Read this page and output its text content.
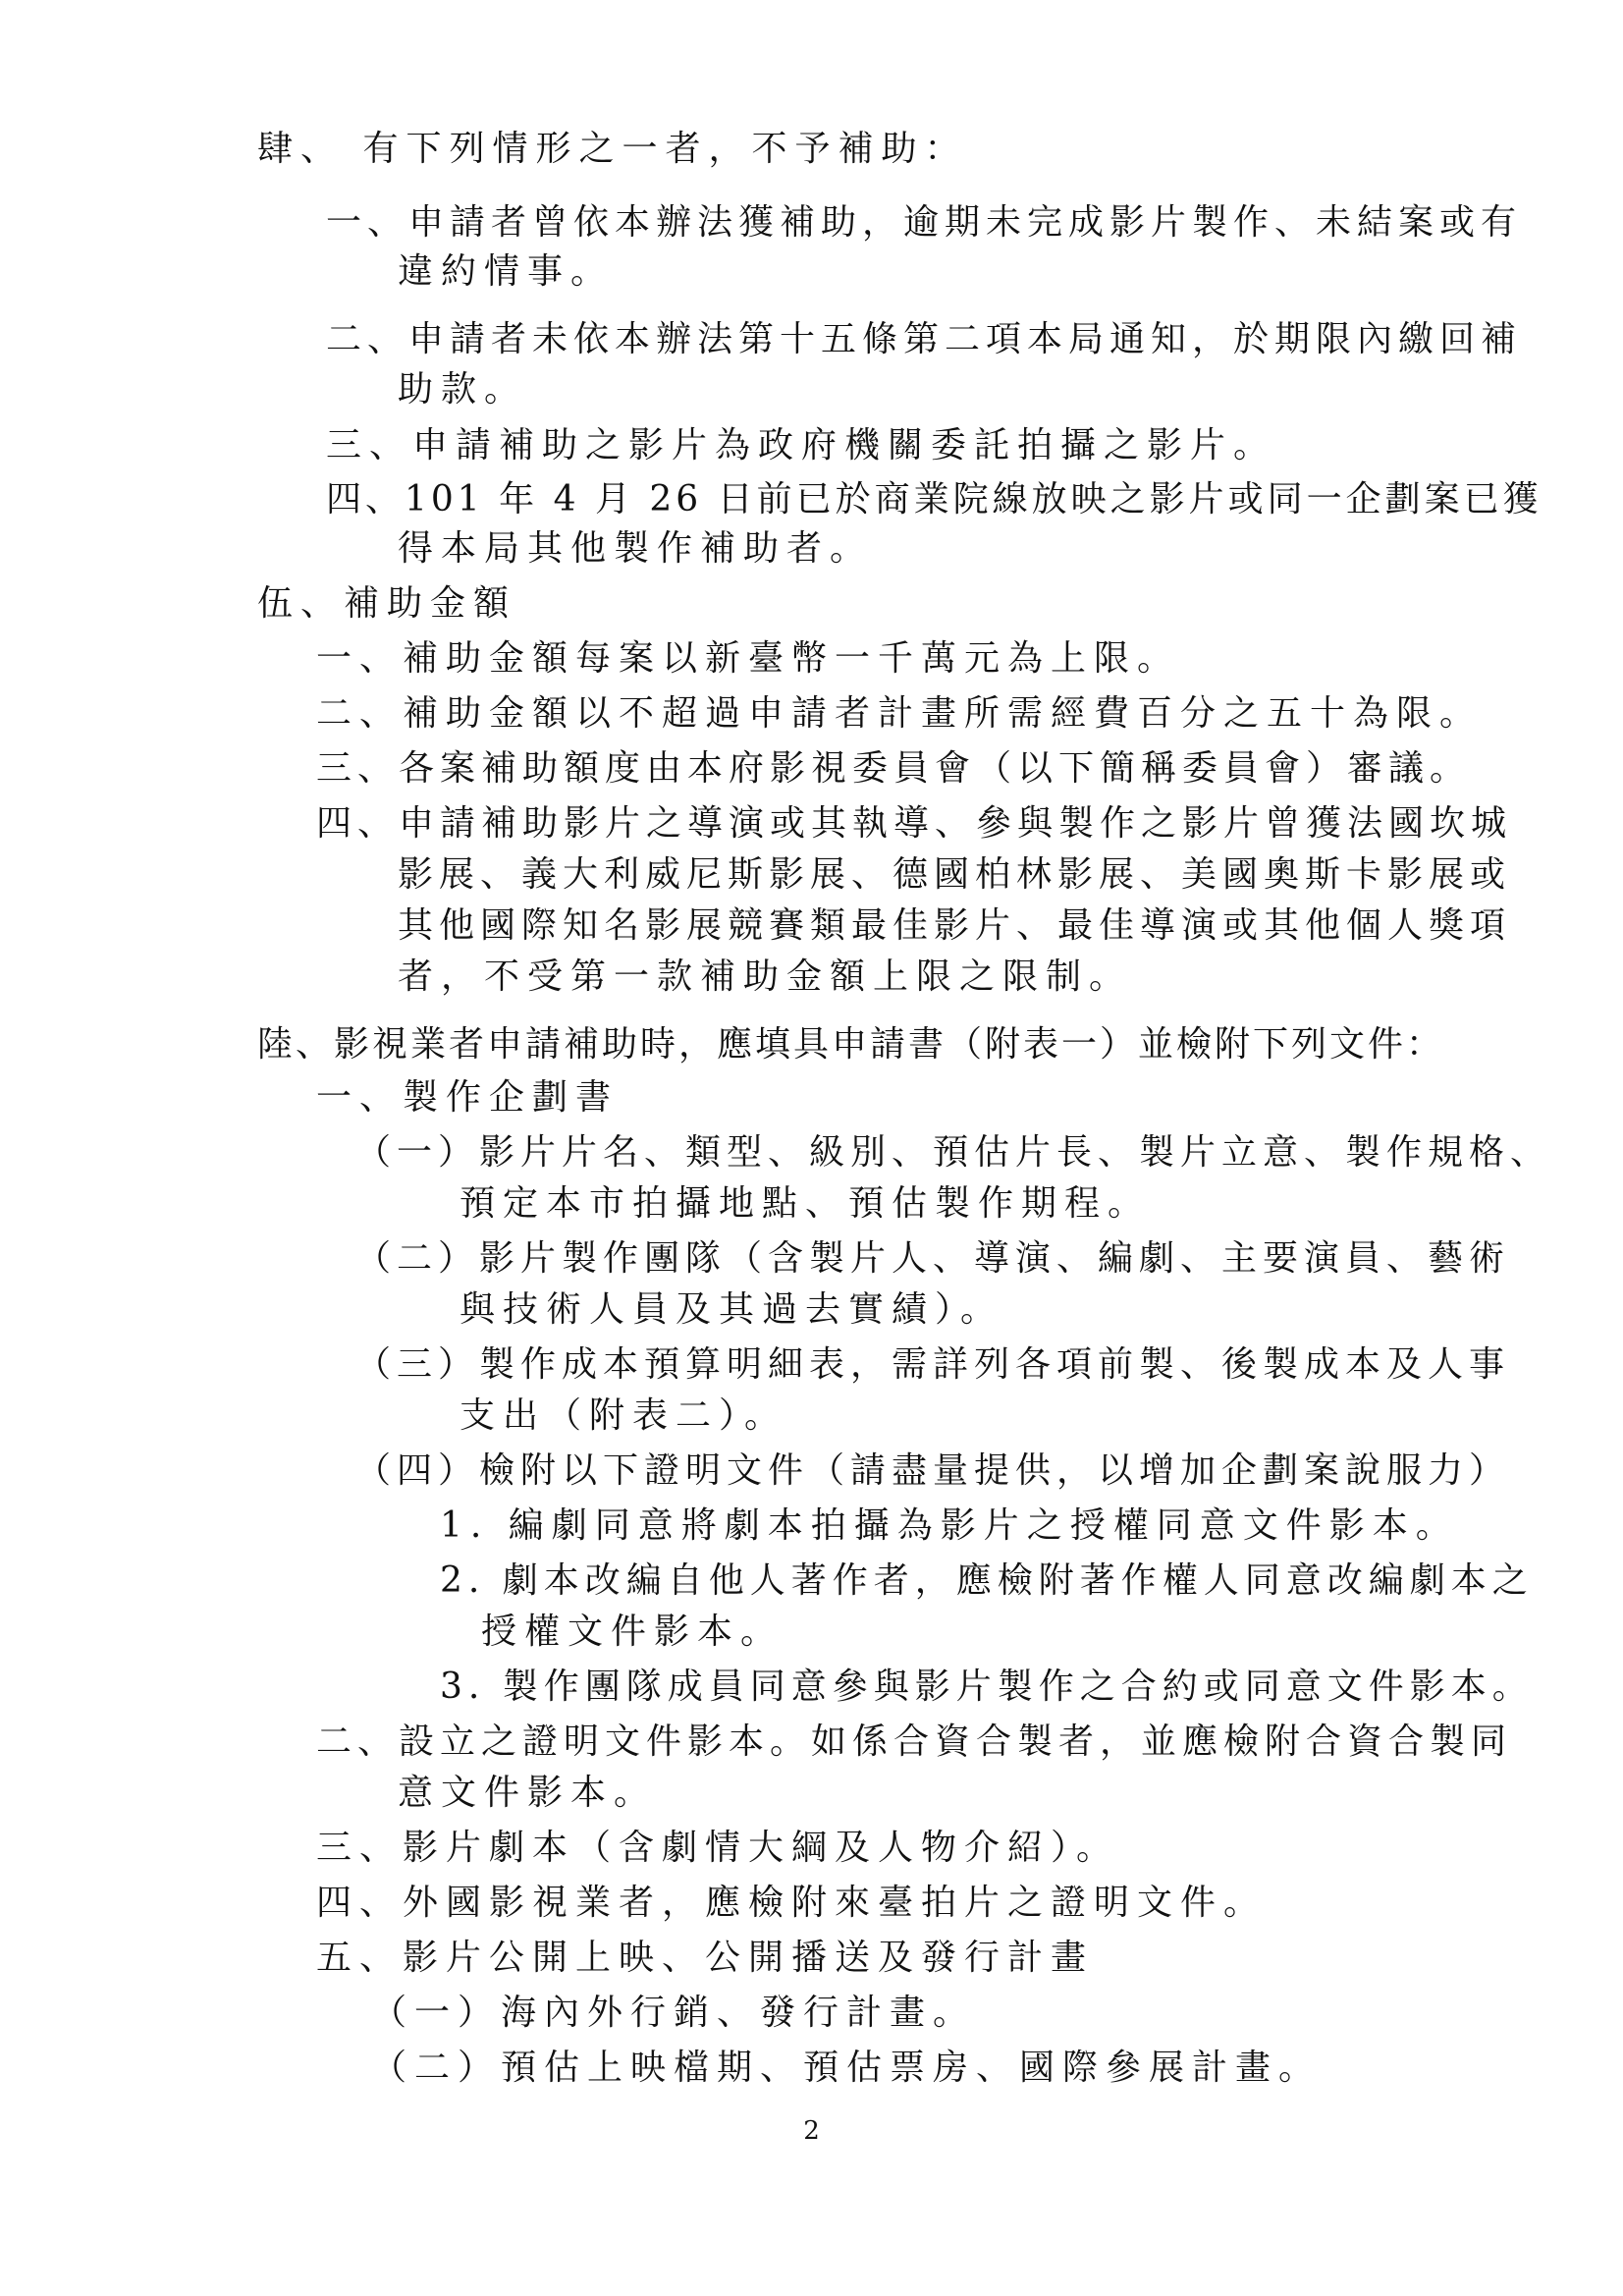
肆、 有下列情形之一者，不予補助：
一、申請者曾依本辦法獲補助，逾期未完成影片製作、未結案或有
違約情事。
二、申請者未依本辦法第十五條第二項本局通知，於期限內繳回補
助款。
三、申請補助之影片為政府機關委託拍攝之影片。
四、101 年 4 月 26 日前已於商業院線放映之影片或同一企劃案已獲
得本局其他製作補助者。
伍、補助金額
一、補助金額每案以新臺幣一千萬元為上限。
二、補助金額以不超過申請者計畫所需經費百分之五十為限。
三、各案補助額度由本府影視委員會（以下簡稱委員會）審議。
四、申請補助影片之導演或其執導、參與製作之影片曾獲法國坎城
影展、義大利威尼斯影展、德國柏林影展、美國奧斯卡影展或
其他國際知名影展競賽類最佳影片、最佳導演或其他個人獎項
者，不受第一款補助金額上限之限制。
陸、影視業者申請補助時，應填具申請書（附表一）並檢附下列文件：
一、製作企劃書
（一）影片片名、類型、級別、預估片長、製片立意、製作規格、
預定本市拍攝地點、預估製作期程。
（二）影片製作團隊（含製片人、導演、編劇、主要演員、藝術
與技術人員及其過去實績）。
（三）製作成本預算明細表，需詳列各項前製、後製成本及人事
支出（附表二）。
（四）檢附以下證明文件（請盡量提供，以增加企劃案說服力）
1. 編劇同意將劇本拍攝為影片之授權同意文件影本。
2. 劇本改編自他人著作者，應檢附著作權人同意改編劇本之
授權文件影本。
3. 製作團隊成員同意參與影片製作之合約或同意文件影本。
二、設立之證明文件影本。如係合資合製者，並應檢附合資合製同
意文件影本。
三、影片劇本（含劇情大綱及人物介紹）。
四、外國影視業者，應檢附來臺拍片之證明文件。
五、影片公開上映、公開播送及發行計畫
（一）海內外行銷、發行計畫。
（二）預估上映檔期、預估票房、國際參展計畫。
2
